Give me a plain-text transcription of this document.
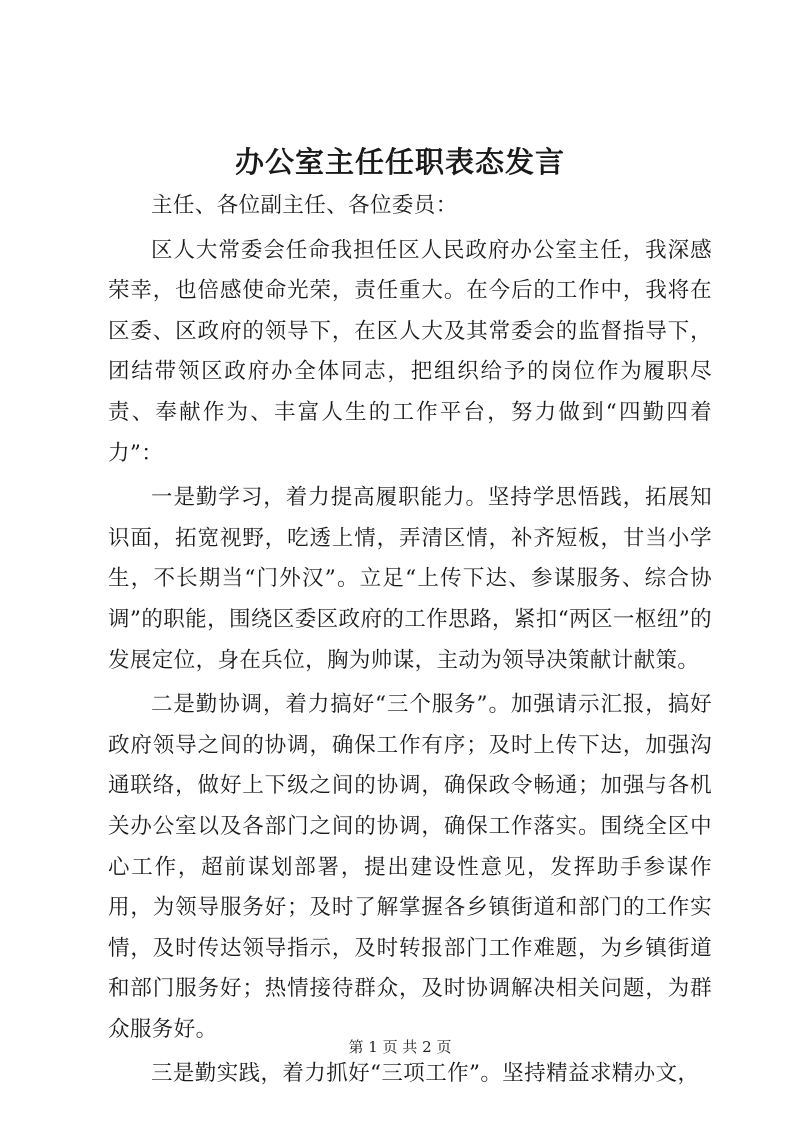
办公室主任任职表态发言

主任、各位副主任、各位委员：

区人大常委会任命我担任区人民政府办公室主任，我深感荣幸，也倍感使命光荣，责任重大。在今后的工作中，我将在区委、区政府的领导下，在区人大及其常委会的监督指导下，团结带领区政府办全体同志，把组织给予的岗位作为履职尽责、奉献作为、丰富人生的工作平台，努力做到“四勤四着力”：

一是勤学习，着力提高履职能力。坚持学思悟践，拓展知识面，拓宽视野，吃透上情，弄清区情，补齐短板，甘当小学生，不长期当“门外汉”。立足“上传下达、参谋服务、综合协调”的职能，围绕区委区政府的工作思路，紧扣“两区一枢纽”的发展定位，身在兵位，胸为帅谋，主动为领导决策献计献策。

二是勤协调，着力搞好“三个服务”。加强请示汇报，搞好政府领导之间的协调，确保工作有序；及时上传下达，加强沟通联络，做好上下级之间的协调，确保政令畅通；加强与各机关办公室以及各部门之间的协调，确保工作落实。围绕全区中心工作，超前谋划部署，提出建设性意见，发挥助手参谋作用，为领导服务好；及时了解掌握各乡镇街道和部门的工作实情，及时传达领导指示，及时转报部门工作难题，为乡镇街道和部门服务好；热情接待群众，及时协调解决相关问题，为群众服务好。

三是勤实践，着力抓好“三项工作”。坚持精益求精办文，

第 1 页 共 2 页
